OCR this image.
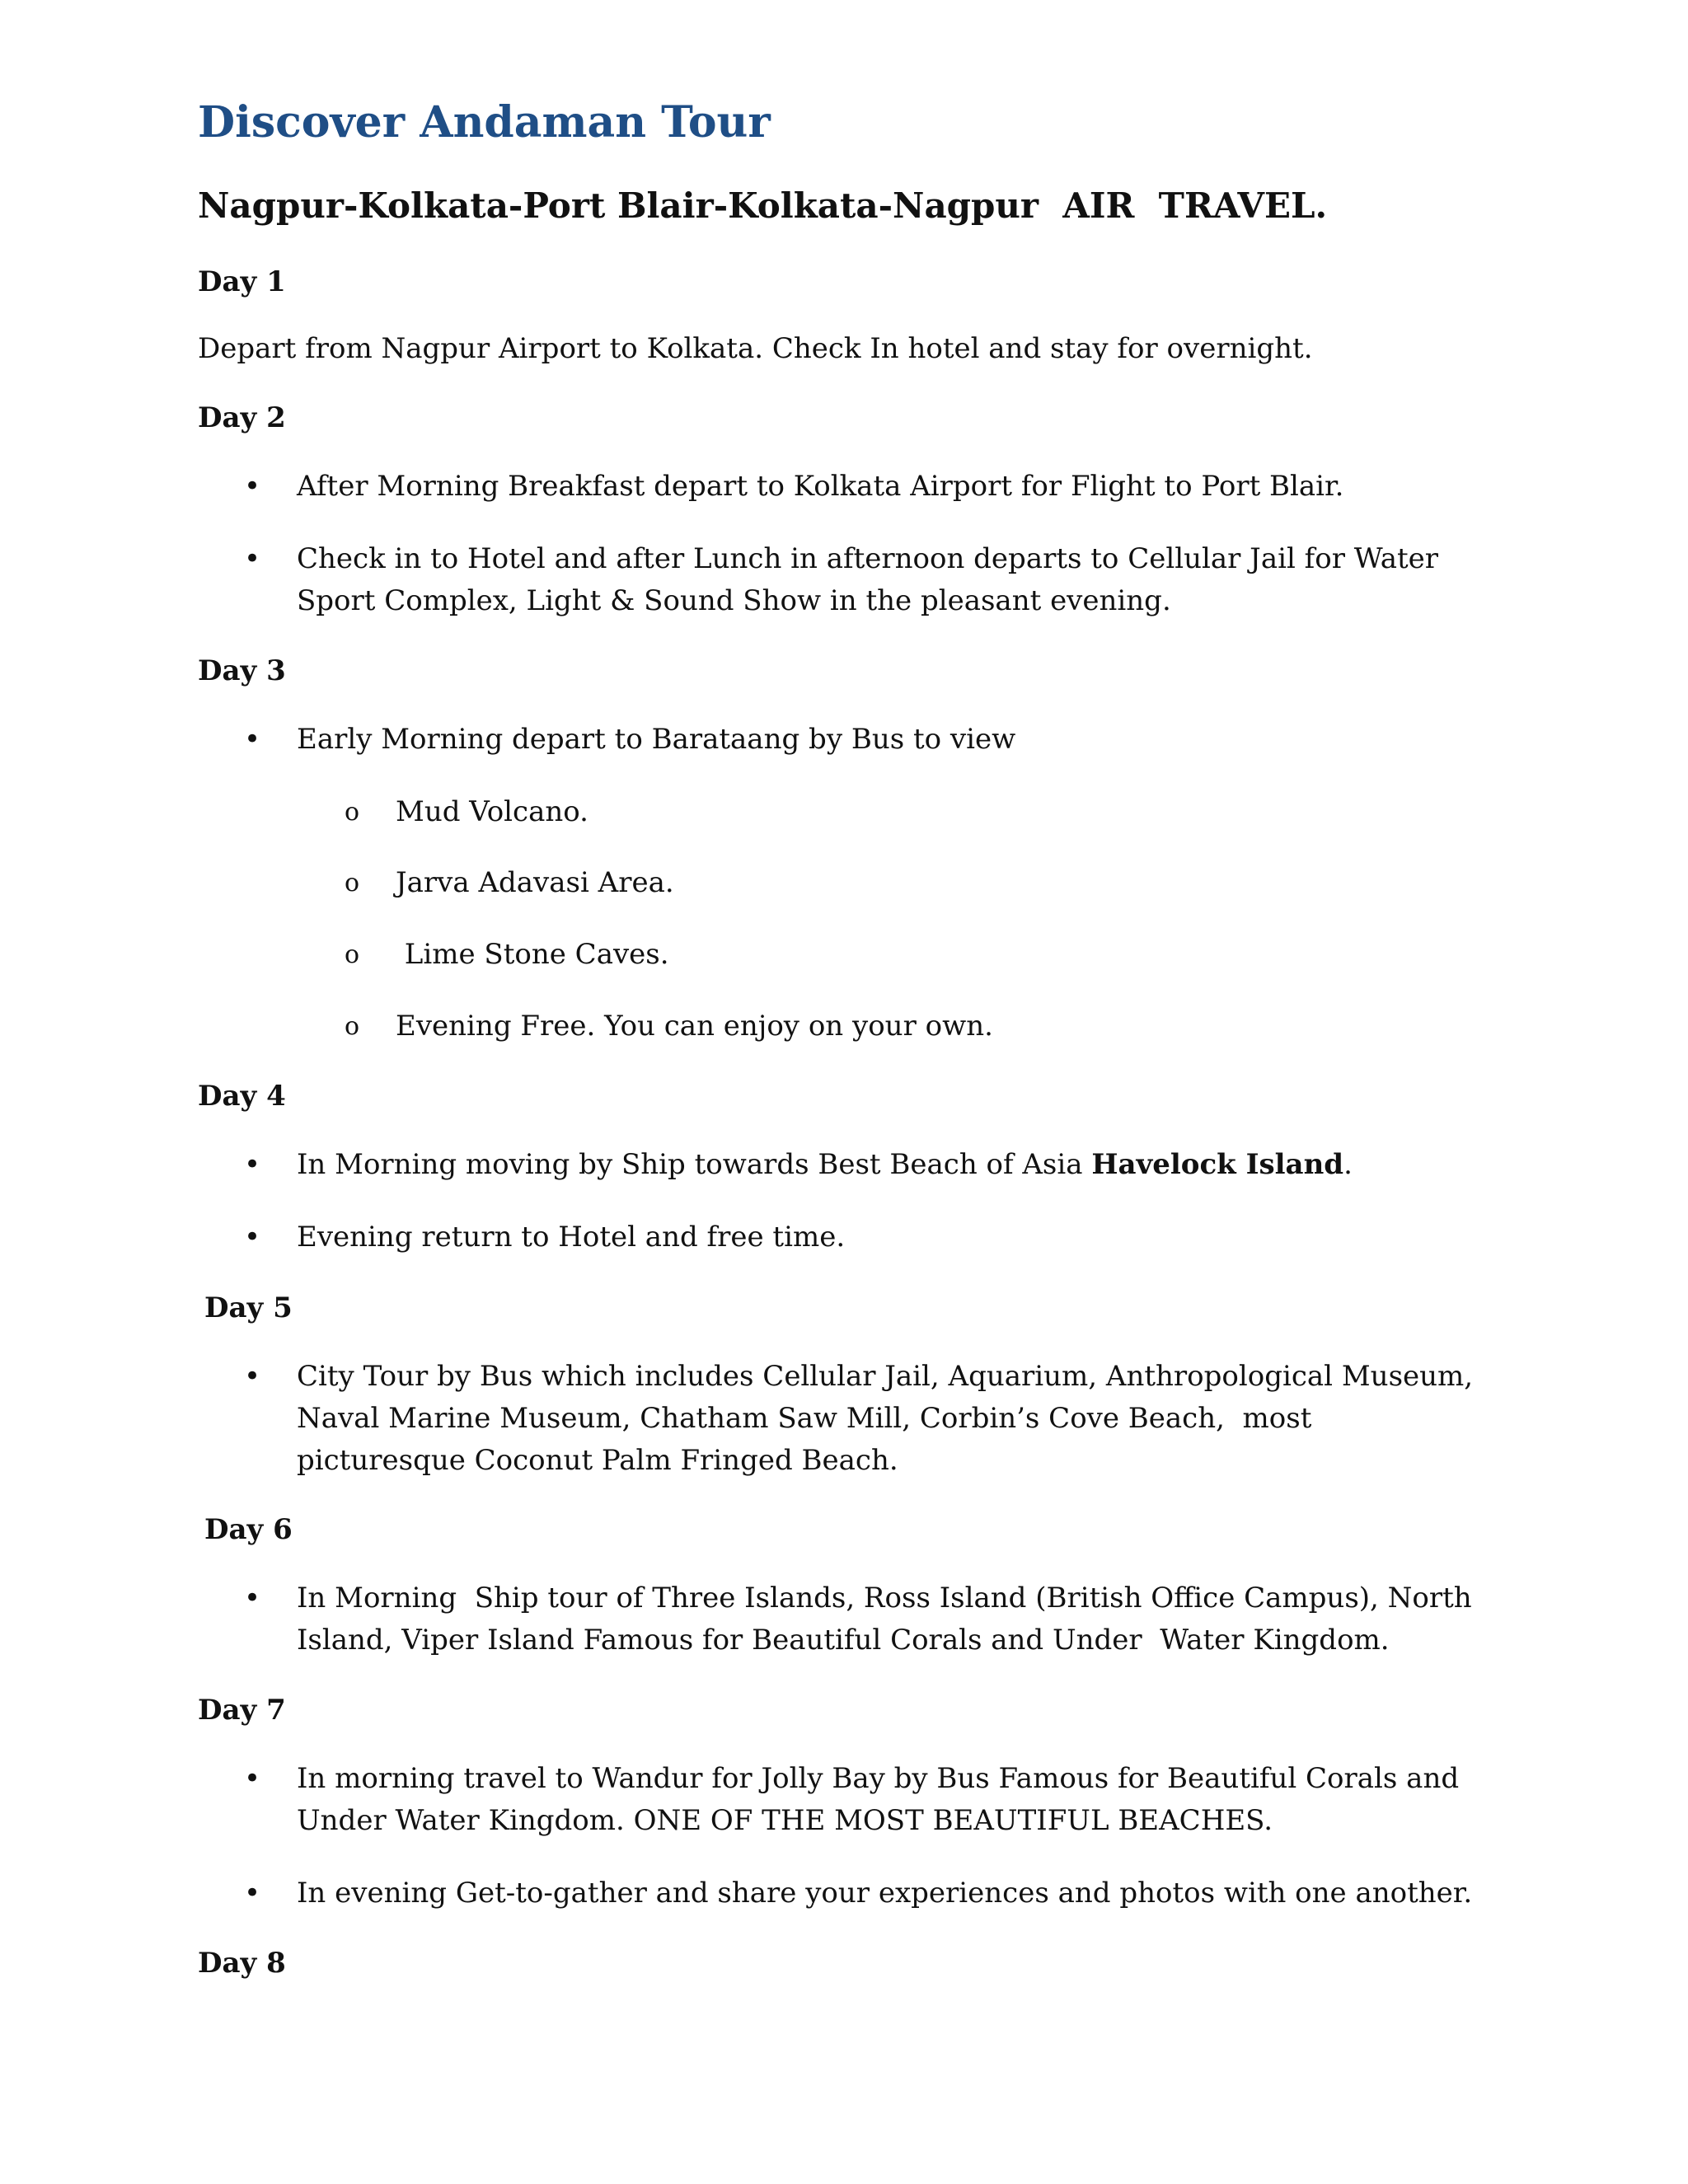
Discover Andaman Tour
Nagpur-Kolkata-Port Blair-Kolkata-Nagpur  AIR  TRAVEL.

Day 1

Depart from Nagpur Airport to Kolkata. Check In hotel and stay for overnight.

Day 2

• After Morning Breakfast depart to Kolkata Airport for Flight to Port Blair.

• Check in to Hotel and after Lunch in afternoon departs to Cellular Jail for Water Sport Complex, Light & Sound Show in the pleasant evening.

Day 3

• Early Morning depart to Barataang by Bus to view

o	Mud Volcano.

o	Jarva Adavasi Area.

o	Lime Stone Caves.

o	Evening Free. You can enjoy on your own.

Day 4

• In Morning moving by Ship towards Best Beach of Asia Havelock Island.

• Evening return to Hotel and free time.

Day 5

• City Tour by Bus which includes Cellular Jail, Aquarium, Anthropological Museum, Naval Marine Museum, Chatham Saw Mill, Corbin’s Cove Beach,  most  picturesque Coconut Palm Fringed Beach.

Day 6

• In Morning  Ship tour of Three Islands, Ross Island (British Office Campus), North Island, Viper Island Famous for Beautiful Corals and Under  Water Kingdom.

Day 7

• In morning travel to Wandur for Jolly Bay by Bus Famous for Beautiful Corals and Under Water Kingdom. ONE OF THE MOST BEAUTIFUL BEACHES.

• In evening Get-to-gather and share your experiences and photos with one another.

Day 8
